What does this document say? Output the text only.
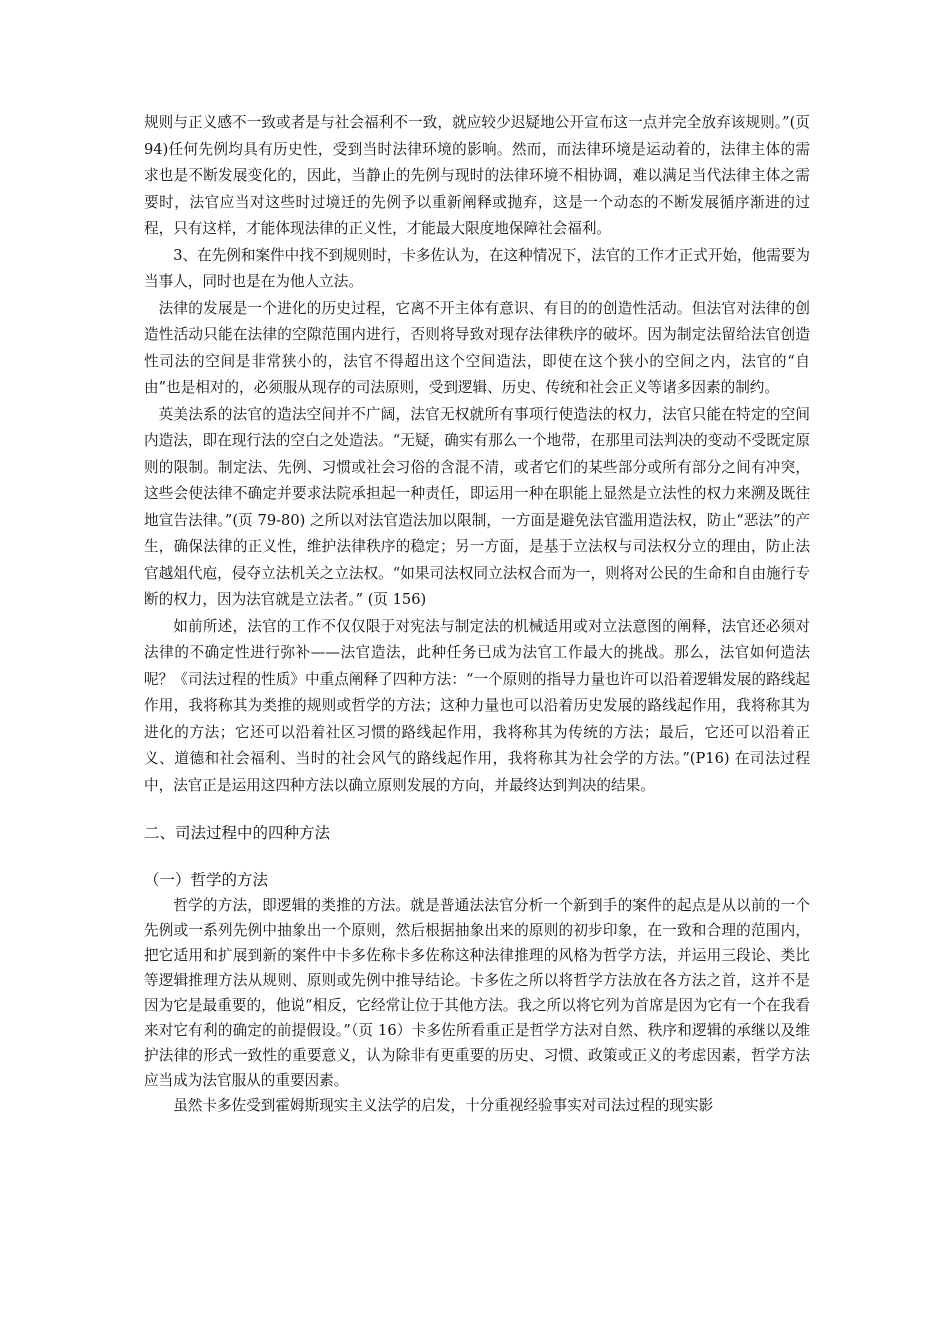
规则与正义感不一致或者是与社会福利不一致，就应较少迟疑地公开宣布这一点并完全放弃该规则。”(页 94)任何先例均具有历史性，受到当时法律环境的影响。然而，而法律环境是运动着的，法律主体的需求也是不断发展变化的，因此，当静止的先例与现时的法律环境不相协调，难以满足当代法律主体之需要时，法官应当对这些时过境迁的先例予以重新阐释或抛弃，这是一个动态的不断发展循序渐进的过程，只有这样，才能体现法律的正义性，才能最大限度地保障社会福利。

3、在先例和案件中找不到规则时，卡多佐认为，在这种情况下，法官的工作才正式开始，他需要为当事人，同时也是在为他人立法。

法律的发展是一个进化的历史过程，它离不开主体有意识、有目的的创造性活动。但法官对法律的创造性活动只能在法律的空隙范围内进行，否则将导致对现存法律秩序的破坏。因为制定法留给法官创造性司法的空间是非常狭小的，法官不得超出这个空间造法，即使在这个狭小的空间之内，法官的“自由”也是相对的，必须服从现存的司法原则，受到逻辑、历史、传统和社会正义等诸多因素的制约。

英美法系的法官的造法空间并不广阔，法官无权就所有事项行使造法的权力，法官只能在特定的空间内造法，即在现行法的空白之处造法。“无疑，确实有那么一个地带，在那里司法判决的变动不受既定原则的限制。制定法、先例、习惯或社会习俗的含混不清，或者它们的某些部分或所有部分之间有冲突，这些会使法律不确定并要求法院承担起一种责任，即运用一种在职能上显然是立法性的权力来溯及既往地宣告法律。”(页 79-80) 之所以对法官造法加以限制，一方面是避免法官滥用造法权，防止“恶法”的产生，确保法律的正义性，维护法律秩序的稳定；另一方面，是基于立法权与司法权分立的理由，防止法官越俎代庖，侵夺立法机关之立法权。“如果司法权同立法权合而为一，则将对公民的生命和自由施行专断的权力，因为法官就是立法者。” (页 156)

如前所述，法官的工作不仅仅限于对宪法与制定法的机械适用或对立法意图的阐释，法官还必须对法律的不确定性进行弥补——法官造法，此种任务已成为法官工作最大的挑战。那么，法官如何造法呢？《司法过程的性质》中重点阐释了四种方法：“一个原则的指导力量也许可以沿着逻辑发展的路线起作用，我将称其为类推的规则或哲学的方法；这种力量也可以沿着历史发展的路线起作用，我将称其为进化的方法；它还可以沿着社区习惯的路线起作用，我将称其为传统的方法；最后，它还可以沿着正义、道德和社会福利、当时的社会风气的路线起作用，我将称其为社会学的方法。”(P16) 在司法过程中，法官正是运用这四种方法以确立原则发展的方向，并最终达到判决的结果。

二、司法过程中的四种方法
（一）哲学的方法

哲学的方法，即逻辑的类推的方法。就是普通法法官分析一个新到手的案件的起点是从以前的一个先例或一系列先例中抽象出一个原则，然后根据抽象出来的原则的初步印象，在一致和合理的范围内，把它适用和扩展到新的案件中卡多佐称卡多佐称这种法律推理的风格为哲学方法，并运用三段论、类比等逻辑推理方法从规则、原则或先例中推导结论。卡多佐之所以将哲学方法放在各方法之首，这并不是因为它是最重要的，他说“相反，它经常让位于其他方法。我之所以将它列为首席是因为它有一个在我看来对它有利的确定的前提假设。”（页 16）卡多佐所看重正是哲学方法对自然、秩序和逻辑的承继以及维护法律的形式一致性的重要意义，认为除非有更重要的历史、习惯、政策或正义的考虑因素，哲学方法应当成为法官服从的重要因素。

虽然卡多佐受到霍姆斯现实主义法学的启发，十分重视经验事实对司法过程的现实影
